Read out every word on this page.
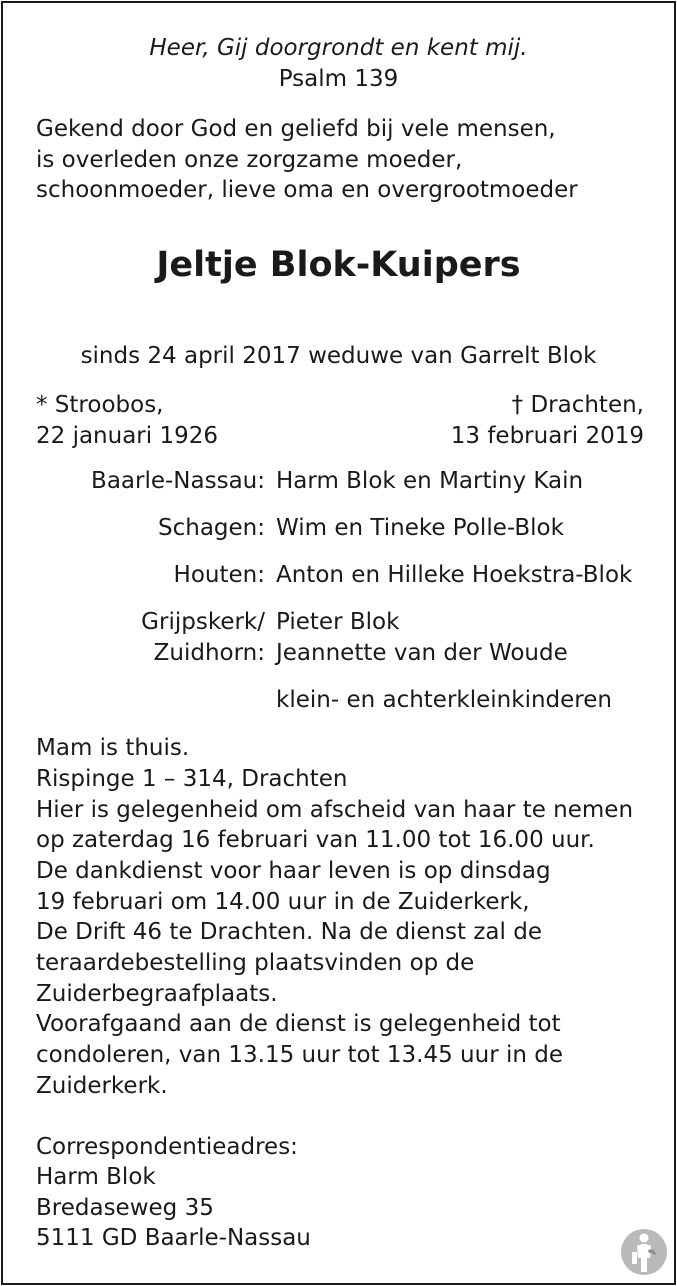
Heer, Gij doorgrondt en kent mij.
Psalm 139
Gekend door God en geliefd bij vele mensen,
is overleden onze zorgzame moeder,
schoonmoeder, lieve oma en overgrootmoeder
Jeltje Blok-Kuipers
sinds 24 april 2017 weduwe van Garrelt Blok
* Stroobos,
22 januari 1926
† Drachten,
13 februari 2019
Baarle-Nassau: Harm Blok en Martiny Kain
Schagen: Wim en Tineke Polle-Blok
Houten: Anton en Hilleke Hoekstra-Blok
Grijpskerk/ Pieter Blok
Zuidhorn: Jeannette van der Woude
klein- en achterkleinkinderen
Mam is thuis.
Rispinge 1 – 314, Drachten
Hier is gelegenheid om afscheid van haar te nemen
op zaterdag 16 februari van 11.00 tot 16.00 uur.
De dankdienst voor haar leven is op dinsdag
19 februari om 14.00 uur in de Zuiderkerk,
De Drift 46 te Drachten. Na de dienst zal de
teraardebestelling plaatsvinden op de
Zuiderbegraafplaats.
Voorafgaand aan de dienst is gelegenheid tot
condoleren, van 13.15 uur tot 13.45 uur in de
Zuiderkerk.
Correspondentieadres:
Harm Blok
Bredaseweg 35
5111 GD Baarle-Nassau
